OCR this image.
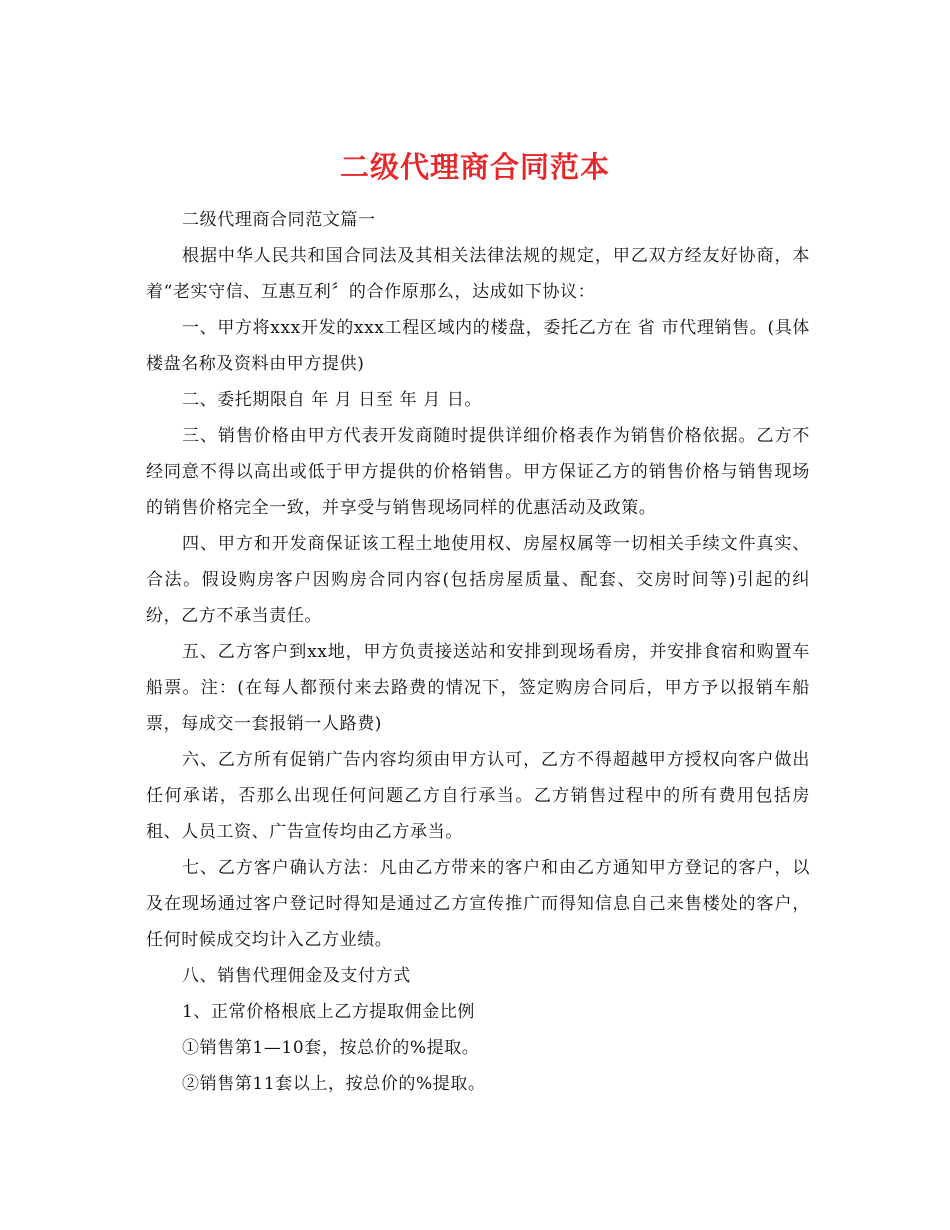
二级代理商合同范本

二级代理商合同范文篇一

根据中华人民共和国合同法及其相关法律法规的规定，甲乙双方经友好协商，本着“老实守信、互惠互利〞的合作原那么，达成如下协议：

一、甲方将xxx开发的xxx工程区域内的楼盘，委托乙方在 省 市代理销售。(具体楼盘名称及资料由甲方提供)

二、委托期限自 年 月 日至 年 月 日。

三、销售价格由甲方代表开发商随时提供详细价格表作为销售价格依据。乙方不经同意不得以高出或低于甲方提供的价格销售。甲方保证乙方的销售价格与销售现场的销售价格完全一致，并享受与销售现场同样的优惠活动及政策。

四、甲方和开发商保证该工程土地使用权、房屋权属等一切相关手续文件真实、合法。假设购房客户因购房合同内容(包括房屋质量、配套、交房时间等)引起的纠纷，乙方不承当责任。

五、乙方客户到xx地，甲方负责接送站和安排到现场看房，并安排食宿和购置车船票。注：(在每人都预付来去路费的情况下，签定购房合同后，甲方予以报销车船票，每成交一套报销一人路费)

六、乙方所有促销广告内容均须由甲方认可，乙方不得超越甲方授权向客户做出任何承诺，否那么出现任何问题乙方自行承当。乙方销售过程中的所有费用包括房租、人员工资、广告宣传均由乙方承当。

七、乙方客户确认方法：凡由乙方带来的客户和由乙方通知甲方登记的客户，以及在现场通过客户登记时得知是通过乙方宣传推广而得知信息自己来售楼处的客户，任何时候成交均计入乙方业绩。

八、销售代理佣金及支付方式

1、正常价格根底上乙方提取佣金比例

①销售第1—10套，按总价的%提取。

②销售第11套以上，按总价的%提取。
